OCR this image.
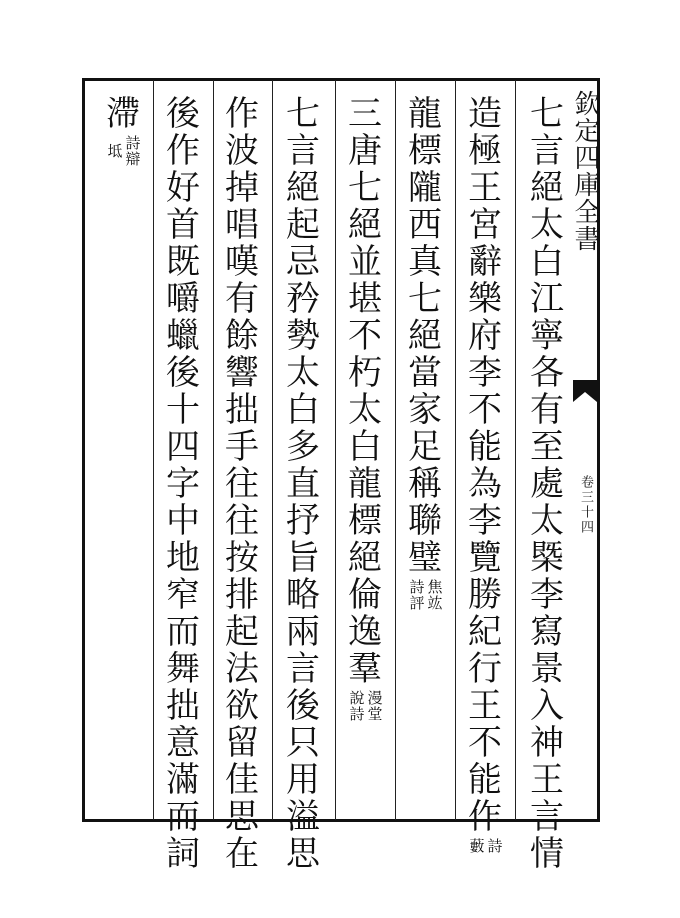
欽定四庫全書
卷三十四
七
言
絕
太
白
江
寧
各
有
至
處
太
槩
李
寫
景
入
神
王
言
情
造
極
王
宮
辭
樂
府
李
不
能
為
李
覽
勝
紀
行
王
不
能
作
詩
藪
龍
標
隴
西
真
七
絕
當
家
足
稱
聯
璧
焦竑
詩評
三
唐
七
絕
並
堪
不
朽
太
白
龍
標
絕
倫
逸
羣
漫堂
說詩
七
言
絕
起
忌
矜
勢
太
白
多
直
抒
旨
略
兩
言
後
只
用
溢
思
作
波
掉
唱
嘆
有
餘
響
拙
手
往
往
按
排
起
法
欲
留
佳
思
在
後
作
好
首
既
嚼
蠟
後
十
四
字
中
地
窄
而
舞
拙
意
滿
而
詞
滯
詩辯
坻
